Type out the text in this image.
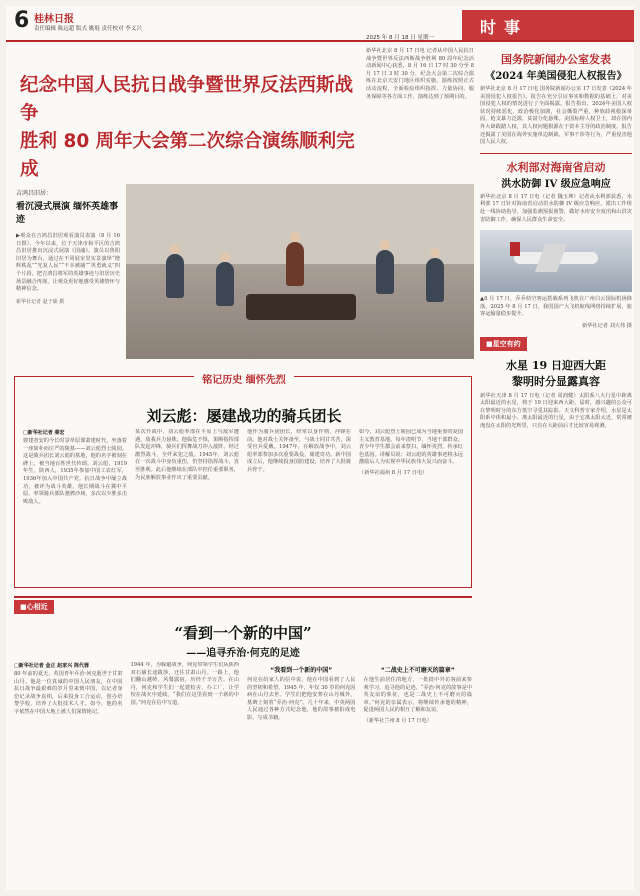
6 桂林日报
责任编辑 陈远超 版式 姚琨 责任校对 李义兴
2025 年 8 月 18 日 星期一
时事
纪念中国人民抗日战争暨世界反法西斯战争
胜利 80 周年大会第二次综合演练顺利完成
新华社北京 8 月 17 日电 记者从中国人民抗日战争暨世界反法西斯战争胜利 80 周年纪念活动新闻中心获悉，8 月 16 日 17 时 30 分至 8 月 17 日 3 时 30 分，纪念大会第二次综合演练在北京天安门地区组织实施。演练按照正式活动流程，全面检验组织指挥、力量协同、服务保障等各方面工作，演练达到了预期目的。
吉鸿昌旧居：
看沉浸式展演 缅怀英雄事迹
▶观众在吉鸿昌旧居观看演员表演（8 月 16 日摄）。今年以来，位于天津市和平区的吉鸿昌旧居推出沉浸式展演《国魂》，演员以鲁阳旧居为舞台，通过在不同展室里实景演绎“增辉秩乱”“光复人民”“不幸被捕”“英勇就义”四个片段，把吉鸿昌将军的英雄事迹与旧居历史场景融合再现，让观众更好地感受英雄情怀与精神信念。
新华社记者 赵子硕 摄
铭记历史 缅怀先烈
刘云彪：屡建战功的骑兵团长
□新华社记者 秦宏
骏建者安的今长时景草原课萧建时代，坐落着一座简朴而庄严的陵墓——刘云彪烈士陵园。这是骑兵团长刘云彪的墓地，他的名字被刻在碑上，被当地百姓世代传颂。刘云彪，1919年生，陕西人，1935年参加中国工农红军，1936年加入中国共产党。抗日战争中屡立战功，被评为战斗英雄。他长期战斗在冀中平原，率领骑兵部队驰骋沙场，多次以少胜多击败敌人。
某次作战中，刘云彪率部在平原上与敌军遭遇，敌我兵力悬殊。他临危不惧，果断指挥部队发起冲锋，骑兵们挥舞战刀冲入敌阵，经过激烈战斗，全歼来犯之敌。1945年，刘云彪在一次战斗中身负重伤，仍坚持指挥战斗，直至胜利。此后他继续在部队中担任重要职务，为民族解放事业作出了重要贡献。
他作为骑兵团团长，经常以身作则，冲锋在前。他对战士关怀备至，与战士同甘共苦，深受官兵爱戴。1947年，在解放战争中，刘云彪率部参加多次重要战役，屡建奇功。新中国成立后，他继续投身国防建设，培养了大批骑兵骨干。
如今，刘云彪烈士陵园已成为当地重要的爱国主义教育基地。每年清明节，当地干部群众、青少年学生都会前来祭扫，缅怀英烈，传承红色基因。讲解员说：刘云彪的英雄事迹将永远激励后人为实现中华民族伟大复兴而奋斗。
（新华社福州 8 月 17 日电）
国务院新闻办公室发表
《2024 年美国侵犯人权报告》
新华社北京 8 月 17 日电 国务院新闻办公室 17 日发表《2024 年美国侵犯人权报告》。报告在充分引证事实和数据的基础上，对美国侵犯人权的情况进行了全面揭露。报告指出，2024年美国人权状况持续恶化，政治极化加剧，社会撕裂严重，种族歧视根深蒂固，枪支暴力泛滥，贫富分化悬殊。美国标榜人权卫士，却在国内外大肆践踏人权，其人权问题根源在于资本主导的政治制度。报告还揭露了美国在海外实施单边制裁、军事干涉等行为，严重侵害他国人民人权。
水利部对海南省启动
洪水防御 IV 级应急响应
新华社北京 8 月 17 日电（记者 魏玉坤）记者从水利部获悉，水利部 17 日针对海南省启动洪水防御 IV 级应急响应，派出工作组赴一线协助指导，加强监测预报预警，做好水库安全度汛和山洪灾害防御工作，确保人民群众生命安全。
▲8 月 17 日，乔乔幼空客运搭载系列飞机在广州白云国际机场降落。2025 年 8 月 17 日，我国国产大飞机航线网络持续扩展，旅客运输量稳步提升。
新华社记者 刘大伟 摄
■星空有约
水星 19 日迎西大距
黎明时分显露真容
新华社天津 8 月 17 日电（记者 周润健）太阳系八大行星中距离太阳最近的水星，将于 19 日迎来西大距。届时，感兴趣的公众可在黎明时分的东方低空寻觅其踪影。天文科普专家介绍，水星是太阳系中体积最小、离太阳最近的行星，由于它离太阳太近，常常被淹没在太阳的光辉里，只有在大距前后才比较容易观测。
■心相近
“看到一个新的中国”
——追寻乔治·何克的足迹
□新华社记者 金正 赵家兴 陈代蓉
80 年前的夏天，英国青年乔治·何克逝世于甘肃山丹。他是一位真诚的中国人民朋友，在中国抗日战争最艰难的岁月里来到中国，以记者身份记录战争真相，后来投身工合运动，创办培黎学校，培养了大批技术人才。如今，他的名字依然在中国大地上被人们深情铭记。
1944 年，为躲避战争，何克带领学生们从陕西双石铺长途跋涉，迁往甘肃山丹。一路上，他们翻山越岭、风餐露宿，历经千辛万苦。在山丹，何克和学生们一起建校舍、办工厂，让学校在战火中延续。“我们在这里看到一个新的中国。”何克在信中写道。
“我看到一个新的中国”
何克在给家人的信中说，他在中国看到了人民的坚韧和希望。1945 年，年仅 30 岁的何克因病在山丹去世。学生们把他安葬在山丹城外，墓碑上刻着“乔治·何克”。几十年来，中英两国人民通过各种方式纪念他，他的故事被拍成电影、写成书籍。
“二战史上不可磨灭的篇章”
在他生前居住的地方，一批批中外访客前来参观学习，追寻他的足迹。“乔治·何克的故事是中英友谊的象征，也是二战史上不可磨灭的篇章。”何克的亲属表示，将继续传承他的精神，促进两国人民的相互了解和友谊。
（新华社兰州 8 月 17 日电）
